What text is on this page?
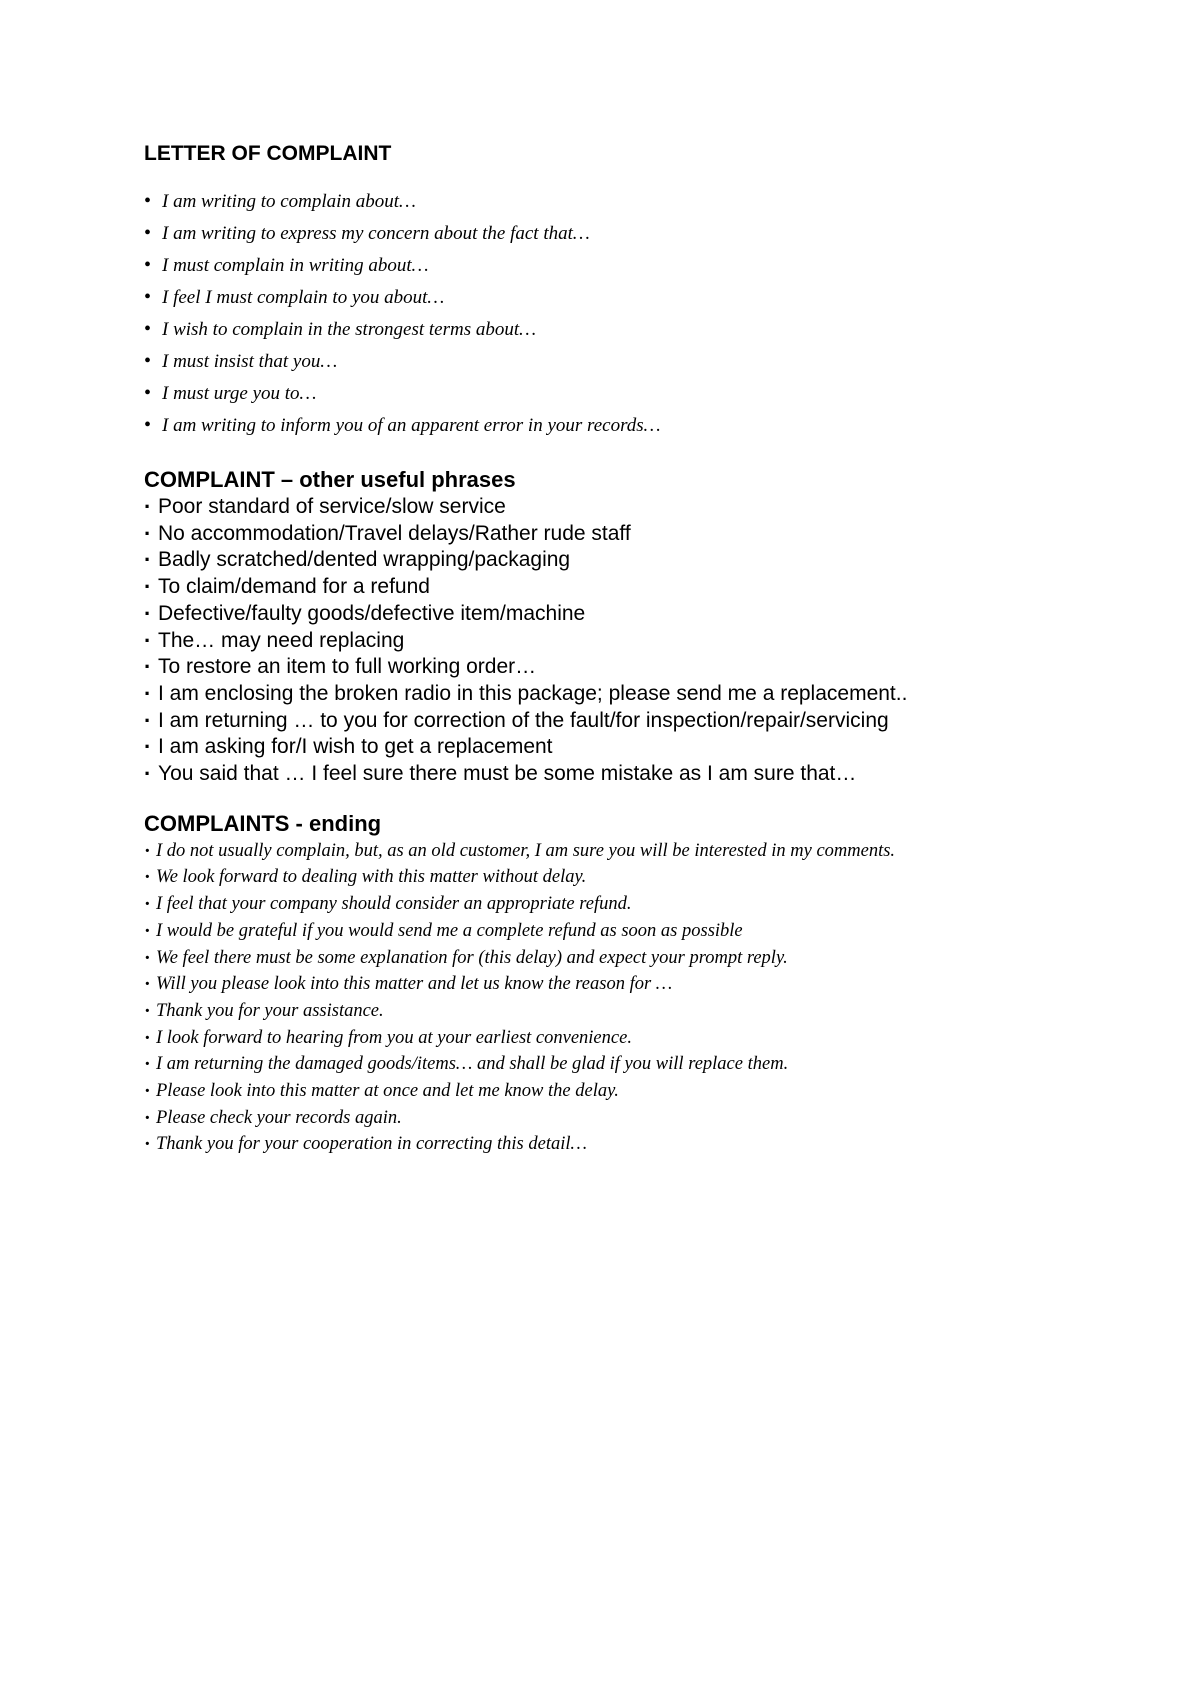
LETTER OF COMPLAINT
• I am writing to complain about…
• I am writing to express my concern about the fact that…
• I must complain in writing about…
• I feel I must complain to you about…
• I wish to complain in the strongest terms about…
• I must insist that you…
• I must urge you to…
• I am writing to inform you of an apparent error in your records…
COMPLAINT – other useful phrases
· Poor standard of service/slow service
· No accommodation/Travel delays/Rather rude staff
· Badly scratched/dented wrapping/packaging
· To claim/demand for a refund
· Defective/faulty goods/defective item/machine
· The… may need replacing
· To restore an item to full working order…
· I am enclosing the broken radio in this package; please send me a replacement..
· I am returning … to you for correction of the fault/for inspection/repair/servicing
· I am asking for/I wish to get a replacement
· You said that … I feel sure there must be some mistake as I am sure that…
COMPLAINTS - ending
· I do not usually complain, but, as an old customer, I am sure you will be interested in my comments.
· We look forward to dealing with this matter without delay.
· I feel that your company should consider an appropriate refund.
· I would be grateful if you would send me a complete refund as soon as possible
· We feel there must be some explanation for (this delay) and expect your prompt reply.
· Will you please look into this matter and let us know the reason for …
· Thank you for your assistance.
· I look forward to hearing from you at your earliest convenience.
· I am returning the damaged goods/items… and shall be glad if you will replace them.
· Please look into this matter at once and let me know the delay.
· Please check your records again.
· Thank you for your cooperation in correcting this detail…
